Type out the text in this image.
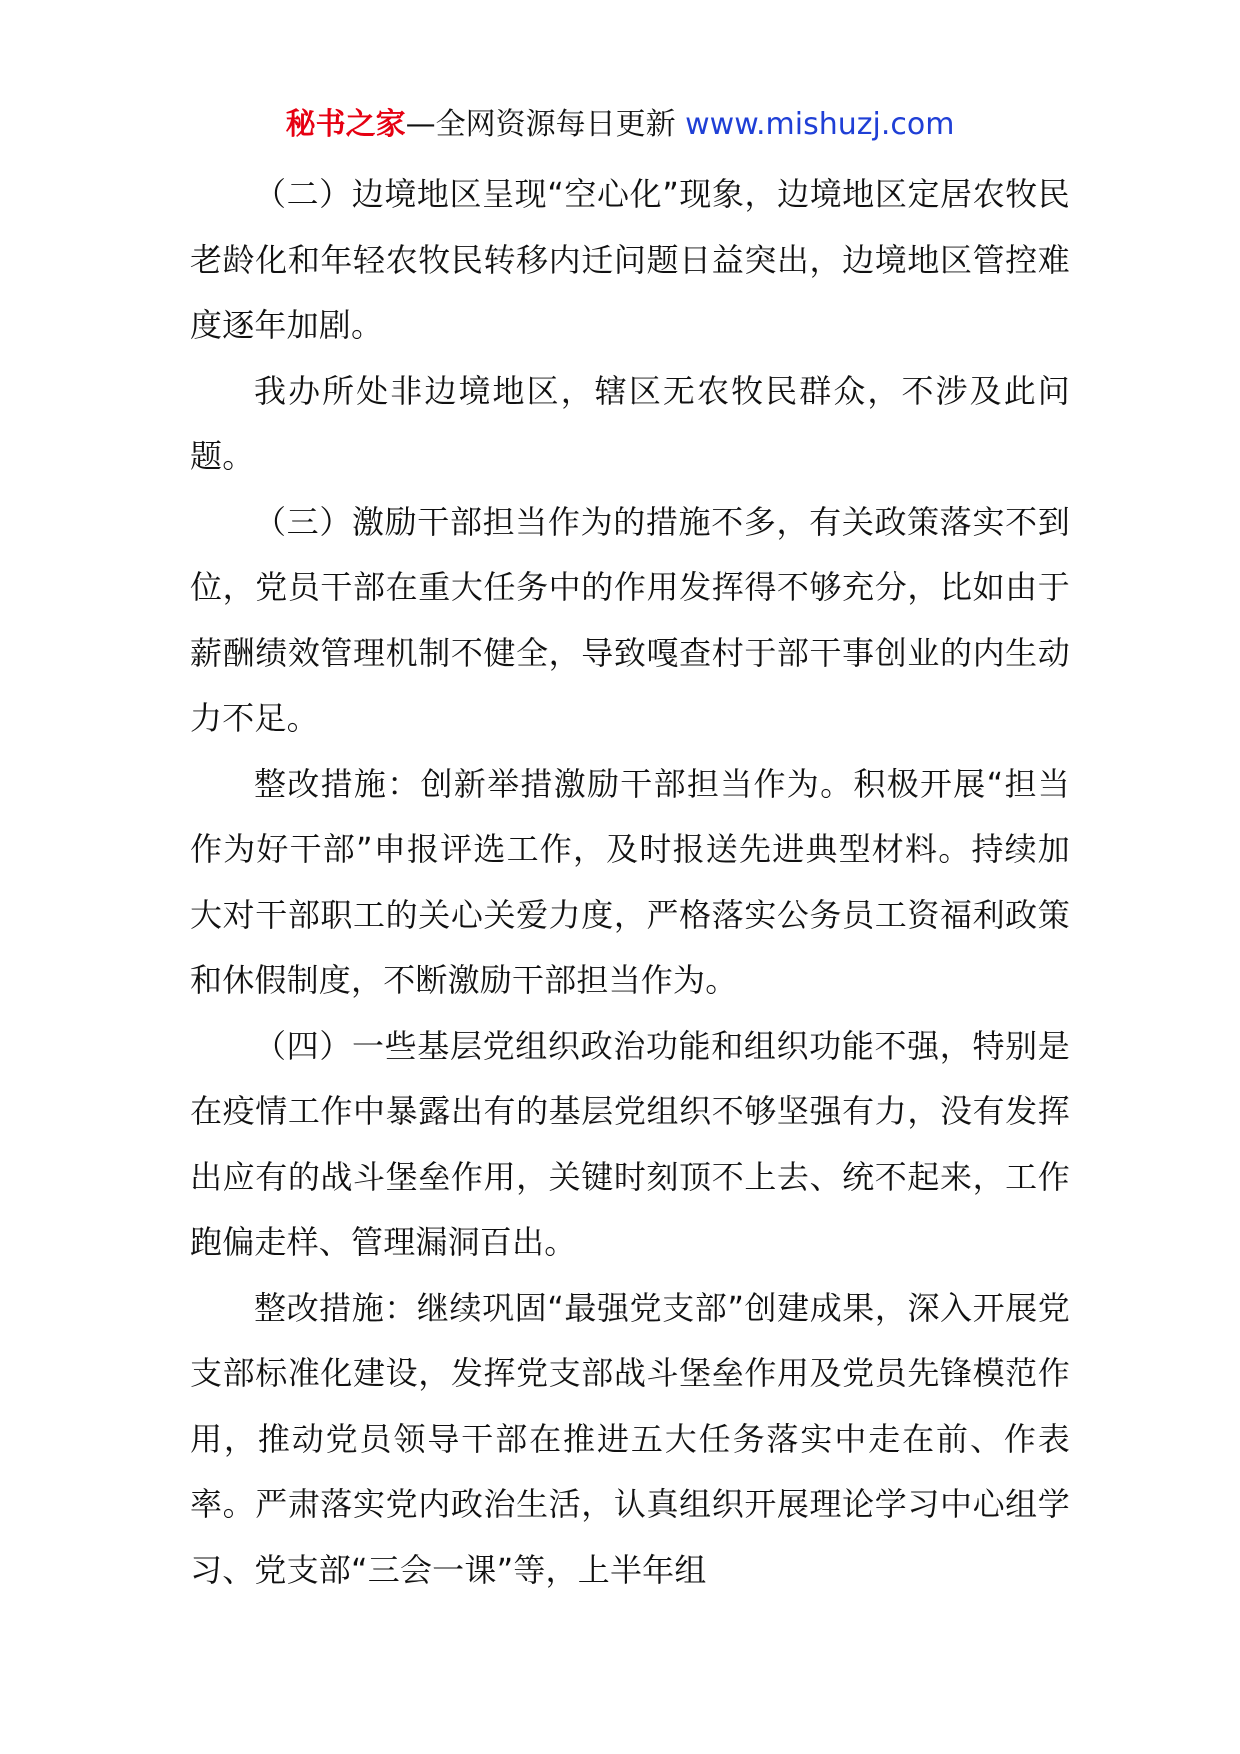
秘书之家—全网资源每日更新 www.mishuzj.com

（二）边境地区呈现“空心化”现象，边境地区定居农牧民老龄化和年轻农牧民转移内迁问题日益突出，边境地区管控难度逐年加剧。

我办所处非边境地区，辖区无农牧民群众，不涉及此问题。

（三）激励干部担当作为的措施不多，有关政策落实不到位，党员干部在重大任务中的作用发挥得不够充分，比如由于薪酬绩效管理机制不健全，导致嘎查村于部干事创业的内生动力不足。

整改措施：创新举措激励干部担当作为。积极开展“担当作为好干部”申报评选工作，及时报送先进典型材料。持续加大对干部职工的关心关爱力度，严格落实公务员工资福利政策和休假制度，不断激励干部担当作为。

（四）一些基层党组织政治功能和组织功能不强，特别是在疫情工作中暴露出有的基层党组织不够坚强有力，没有发挥出应有的战斗堡垒作用，关键时刻顶不上去、统不起来，工作跑偏走样、管理漏洞百出。

整改措施：继续巩固“最强党支部”创建成果，深入开展党支部标准化建设，发挥党支部战斗堡垒作用及党员先锋模范作用，推动党员领导干部在推进五大任务落实中走在前、作表率。严肃落实党内政治生活，认真组织开展理论学习中心组学习、党支部“三会一课”等，上半年组
